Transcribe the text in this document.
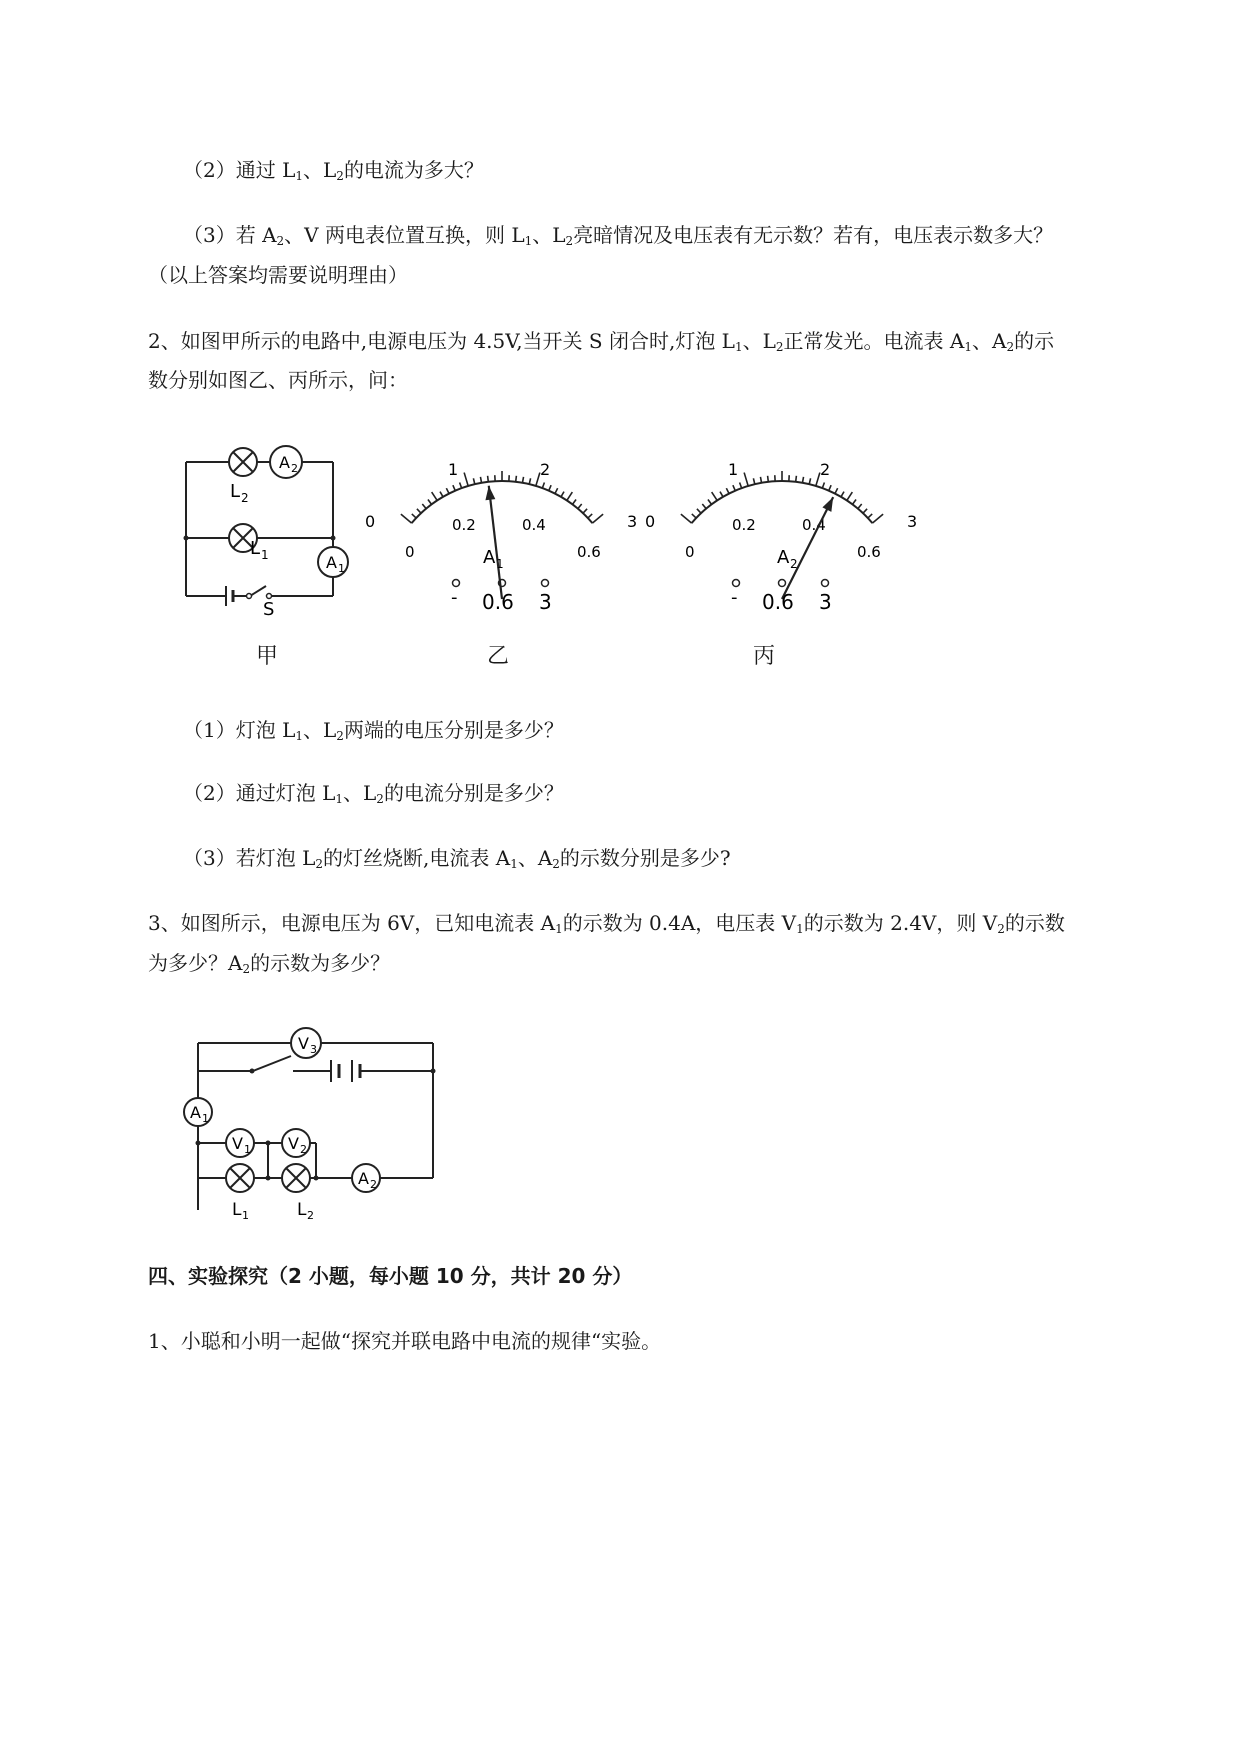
（2）通过 $L_1$、$L_2$的电流为多大？
（3）若 $A_2$、V 两电表位置互换，则 $L_1$、$L_2$亮暗情况及电压表有无示数？若有，电压表示数多大？
（以上答案均需要说明理由）
2、如图甲所示的电路中,电源电压为 4.5V,当开关 S 闭合时,灯泡 $L_1$、$L_2$正常发光。电流表 $A_1$、$A_2$的示
数分别如图乙、丙所示，问：
A 2
A 1
L 2
L 1
S
0
1	2
3
0
0.2	0.4
0.6
A 1
- 0.6 3
0
1	2
3
0
0.2	0.4
0.6
A 2
- 0.6 3
甲	乙	丙
（1）灯泡 $L_1$、$L_2$两端的电压分别是多少？
（2）通过灯泡 $L_1$、$L_2$的电流分别是多少？
（3）若灯泡 $L_2$的灯丝烧断,电流表 $A_1$、$A_2$的示数分别是多少?
3、如图所示，电源电压为 6V，已知电流表 $A_1$的示数为 0.4A，电压表 $V_1$的示数为 2.4V，则 $V_2$的示数
为多少？$A_2$的示数为多少？
V 3
A 1
V 1 V 2
A 2
L 1	L 2
四、实验探究（2 小题，每小题 10 分，共计 20 分）
1、小聪和小明一起做“探究并联电路中电流的规律“实验。
